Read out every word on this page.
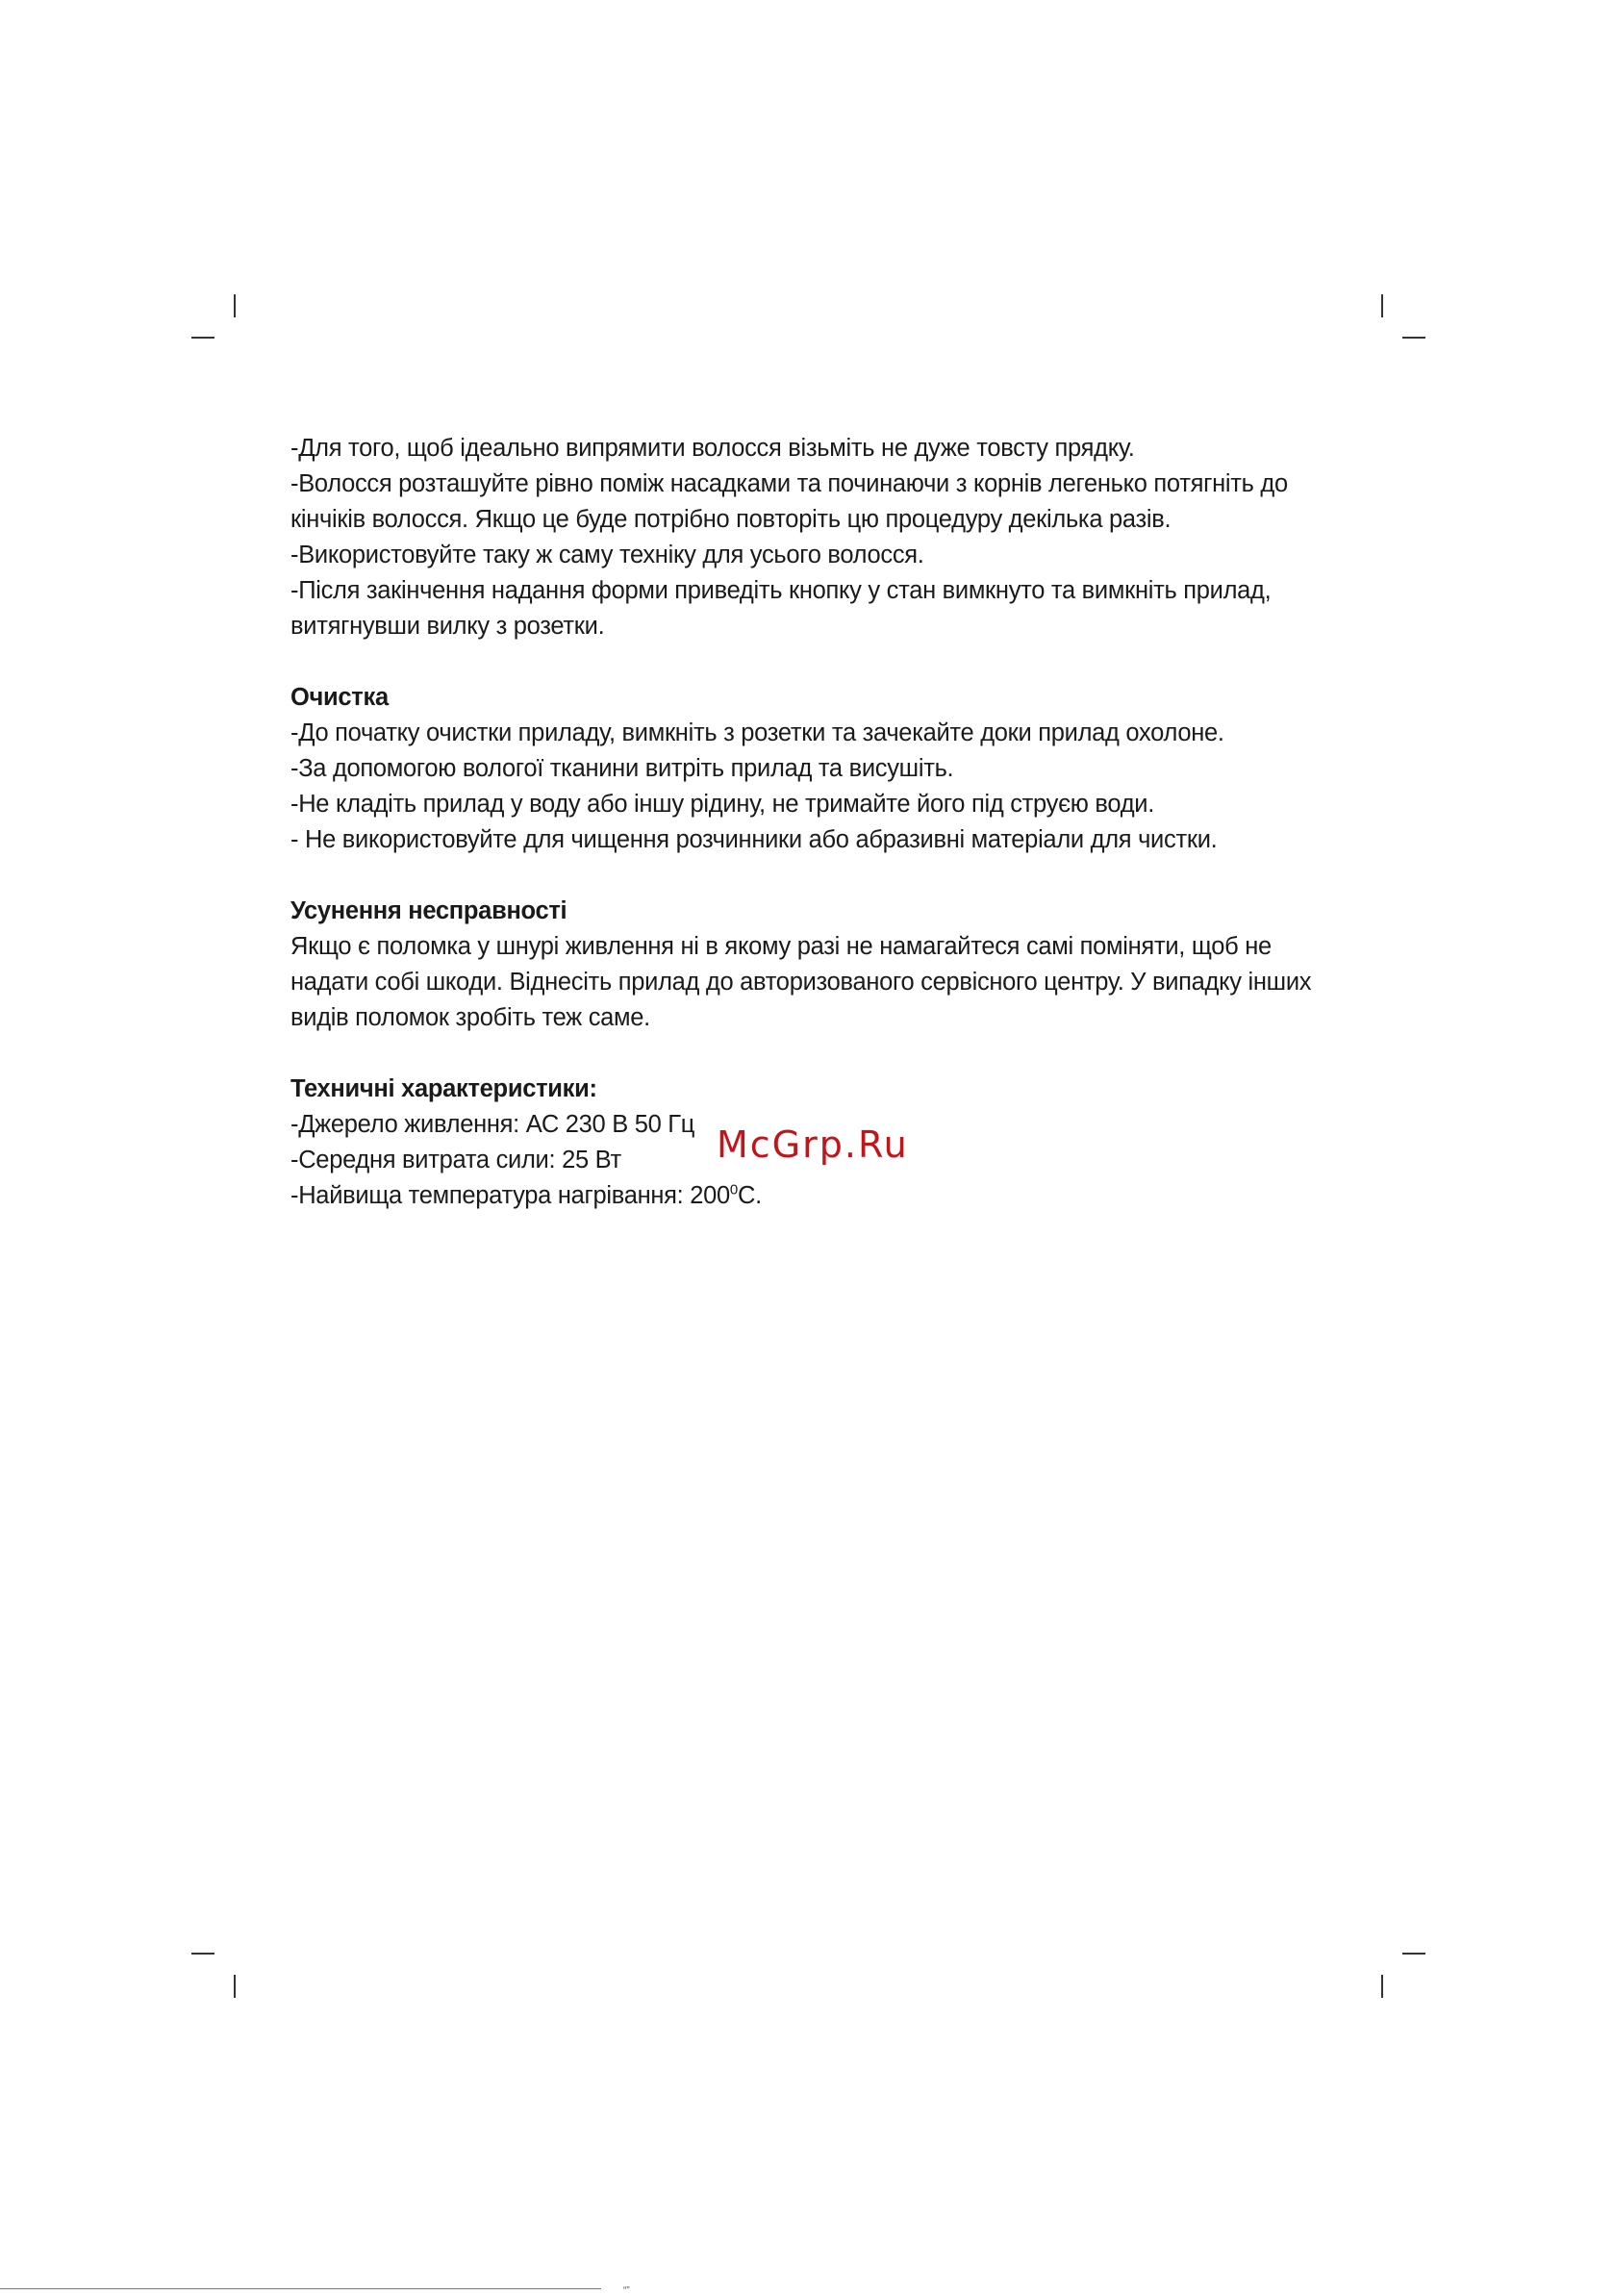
-Для того, щоб ідеально випрямити волосся візьміть не дуже товсту прядку.

-Волосся розташуйте рівно поміж насадками та починаючи з корнів легенько потягніть до кінчіків волосся. Якщо це буде потрібно повторіть цю процедуру декілька разів.

-Використовуйте таку ж саму техніку для усього волосся.

-Після закінчення надання форми приведіть кнопку у стан вимкнуто та вимкніть прилад, витягнувши вилку з розетки.

Очистка

-До початку очистки приладу, вимкніть з розетки та зачекайте доки прилад охолоне.

-За допомогою вологої тканини витріть прилад та висушіть.

-Не кладіть прилад у воду або іншу рідину, не тримайте його під струєю води.

- Не використовуйте для чищення розчинники або абразивні матеріали для чистки.

Усунення несправності

Якщо є поломка у шнурі живлення ні в якому разі не намагайтеся самі поміняти, щоб не надати собі шкоди. Віднесіть прилад до авторизованого сервісного центру. У випадку інших видів поломок зробіть теж саме.

Техничні характеристики:

-Джерело живлення: АС 230 В 50 Гц

-Середня витрата сили: 25 Вт

-Найвища температура нагрівання: $200^0С$.

McGrp.Ru
“”
